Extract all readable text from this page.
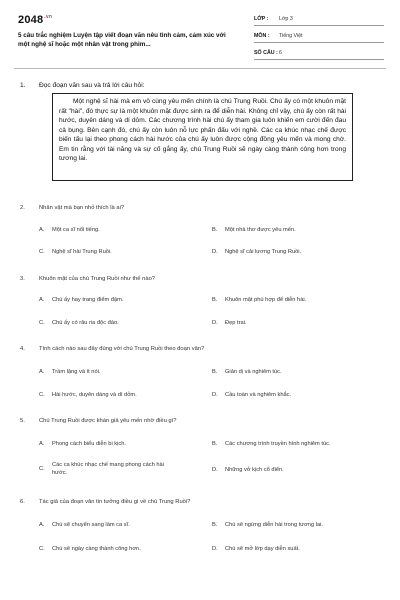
$2048^{.vn}$
5 câu trắc nghiệm Luyện tập viết đoạn văn nêu tình cảm, cảm xúc với một nghệ sĩ hoặc một nhân vật trong phim...
LỚP :	Lớp 3
MÔN :	Tiếng Việt
SỐ CÂU : 6
1.	Đọc đoạn văn sau và trả lời câu hỏi:
Một nghệ sĩ hài mà em vô cùng yêu mến chính là chú Trung Ruồi. Chú ấy có một khuôn mặt rất "hài", đó thực sự là một khuôn mặt được sinh ra để diễn hài. Không chỉ vậy, chú ấy còn rất hài hước, duyên dáng và dí dỏm. Các chương trình hài chú ấy tham gia luôn khiến em cười đến đau cả bụng. Bên cạnh đó, chú ấy còn luôn nỗ lực phấn đấu với nghề. Các ca khúc nhạc chế được biến tấu lại theo phong cách hài hước của chú ấy luôn được cộng đồng yêu mến và mong chờ. Em tin rằng với tài năng và sự cố gắng ấy, chú Trung Ruồi sẽ ngày càng thành công hơn trong tương lai.
2.	Nhân vật mà bạn nhỏ thích là ai?
A.	Một ca sĩ nổi tiếng.	B.	Một nhà thơ được yêu mến.
C.	Nghệ sĩ hài Trung Ruồi.	D.	Nghệ sĩ cải lương Trung Ruồi.
3.	Khuôn mặt của chú Trung Ruồi như thế nào?
A.	Chú ấy hay trang điểm đậm.	B.	Khuôn mặt phù hợp để diễn hài.
C.	Chú ấy có râu ria độc đáo.	D.	Đẹp trai.
4.	Tính cách nào sau đây đúng với chú Trung Ruồi theo đoạn văn?
A.	Trầm lặng và ít nói.	B.	Giản dị và nghiêm túc.
C.	Hài hước, duyên dáng và dí dỏm.	D.	Cầu toàn và nghiêm khắc.
5.	Chú Trung Ruồi được khán giả yêu mến nhờ điều gì?
A.	Phong cách biểu diễn bi kịch.	B.	Các chương trình truyền hình nghiêm túc.
C.
Các ca khúc nhạc chế mang phong cách hài hước.	D.	Những vở kịch cổ điển.
6.	Tác giả của đoạn văn tin tưởng điều gì về chú Trung Ruồi?
A.	Chú sẽ chuyển sang làm ca sĩ.	B.	Chú sẽ ngừng diễn hài trong tương lai.
C.	Chú sẽ ngày càng thành công hơn.	D.	Chú sẽ mở lớp dạy diễn xuất.
